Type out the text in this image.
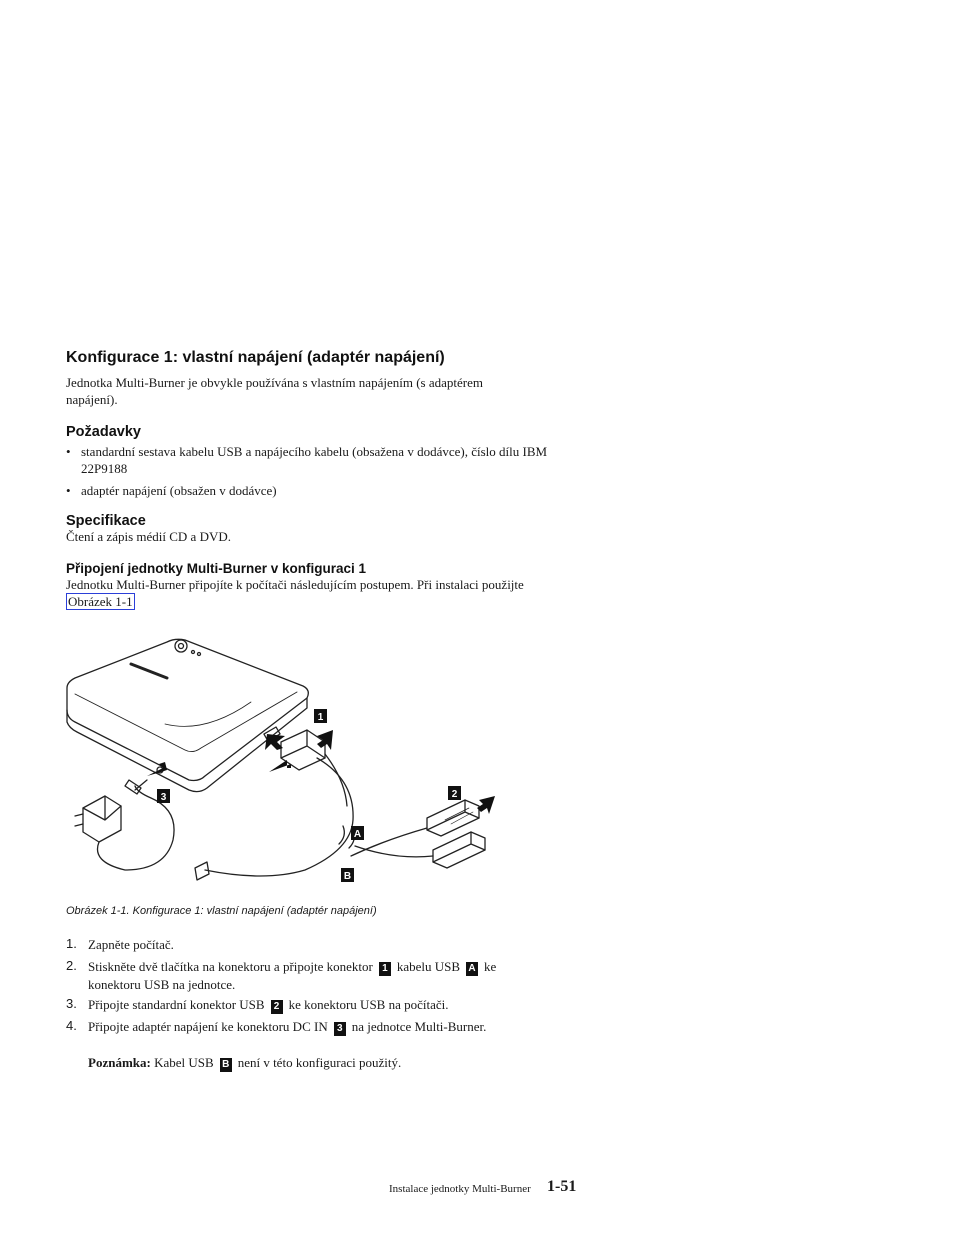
Konfigurace 1: vlastní napájení (adaptér napájení)

Jednotka Multi-Burner je obvykle používána s vlastním napájením (s adaptérem napájení).

Požadavky
• standardní sestava kabelu USB a napájecího kabelu (obsažena v dodávce), číslo dílu IBM 22P9188
• adaptér napájení (obsažen v dodávce)
Specifikace

Čtení a zápis médií CD a DVD.

Připojení jednotky Multi-Burner v konfiguraci 1

Jednotku Multi-Burner připojíte k počítači následujícím postupem. Při instalaci použijte Obrázek 1-1

1
2
3
A
B
Obrázek 1-1. Konfigurace 1: vlastní napájení (adaptér napájení)
1. Zapněte počítač.
2. Stiskněte dvě tlačítka na konektoru a připojte konektor 1 kabelu USB A ke konektoru USB na jednotce.
3. Připojte standardní konektor USB 2 ke konektoru USB na počítači.
4. Připojte adaptér napájení ke konektoru DC IN 3 na jednotce Multi-Burner.
Poznámka: Kabel USB B není v této konfiguraci použitý.
Instalace jednotky Multi-Burner 1-51
